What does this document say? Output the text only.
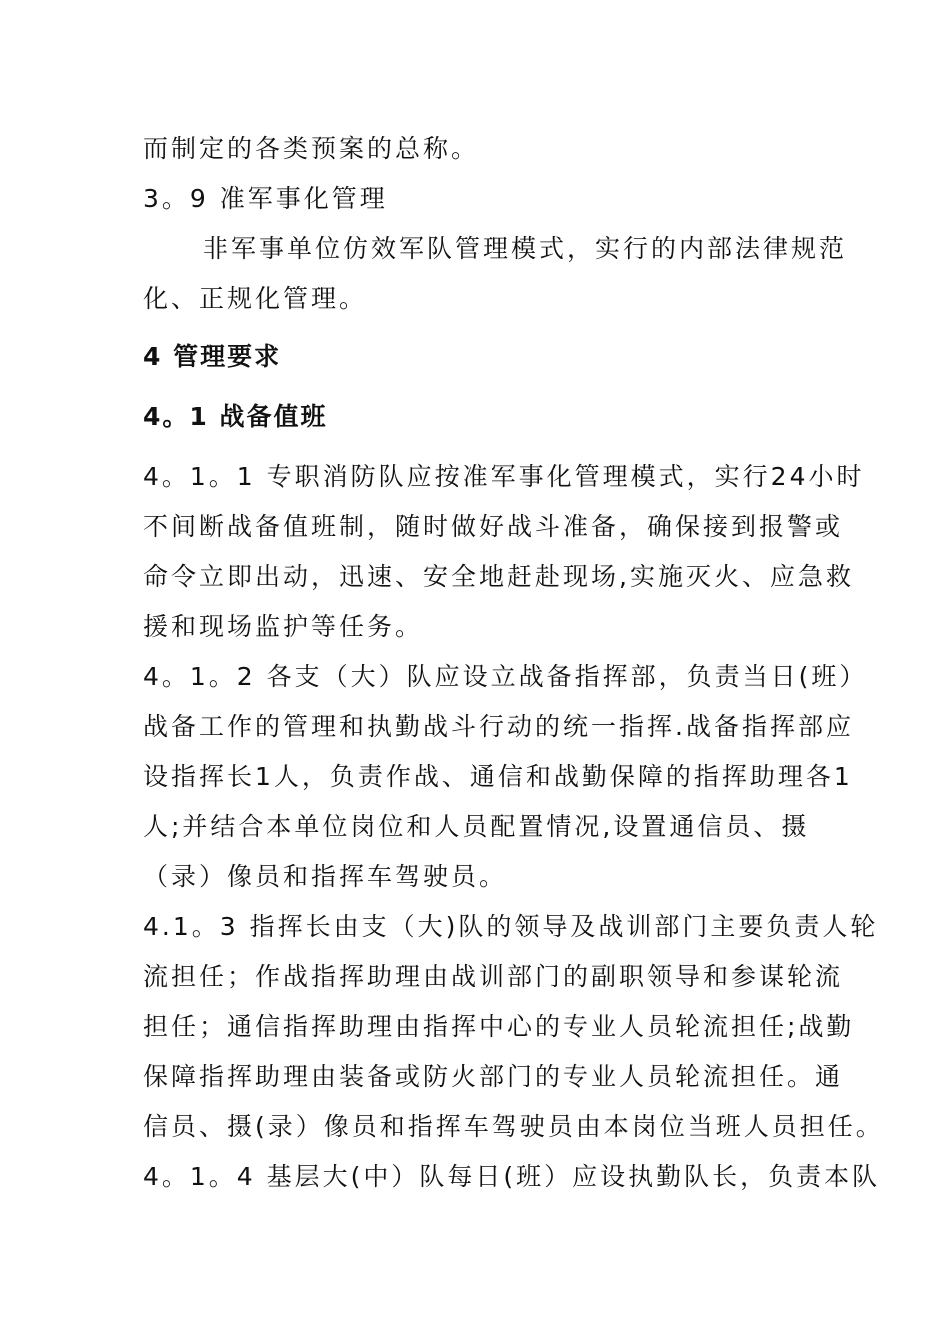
而制定的各类预案的总称。
3。9 准军事化管理
非军事单位仿效军队管理模式，实行的内部法律规范
化、正规化管理。
4 管理要求
4。1 战备值班
4。1。1 专职消防队应按准军事化管理模式，实行24小时
不间断战备值班制，随时做好战斗准备，确保接到报警或
命令立即出动，迅速、安全地赶赴现场,实施灭火、应急救
援和现场监护等任务。
4。1。2 各支（大）队应设立战备指挥部，负责当日(班）
战备工作的管理和执勤战斗行动的统一指挥.战备指挥部应
设指挥长1人，负责作战、通信和战勤保障的指挥助理各1
人;并结合本单位岗位和人员配置情况,设置通信员、摄
（录）像员和指挥车驾驶员。
4.1。3 指挥长由支（大)队的领导及战训部门主要负责人轮
流担任；作战指挥助理由战训部门的副职领导和参谋轮流
担任；通信指挥助理由指挥中心的专业人员轮流担任;战勤
保障指挥助理由装备或防火部门的专业人员轮流担任。通
信员、摄(录）像员和指挥车驾驶员由本岗位当班人员担任。
4。1。4 基层大(中）队每日(班）应设执勤队长，负责本队
